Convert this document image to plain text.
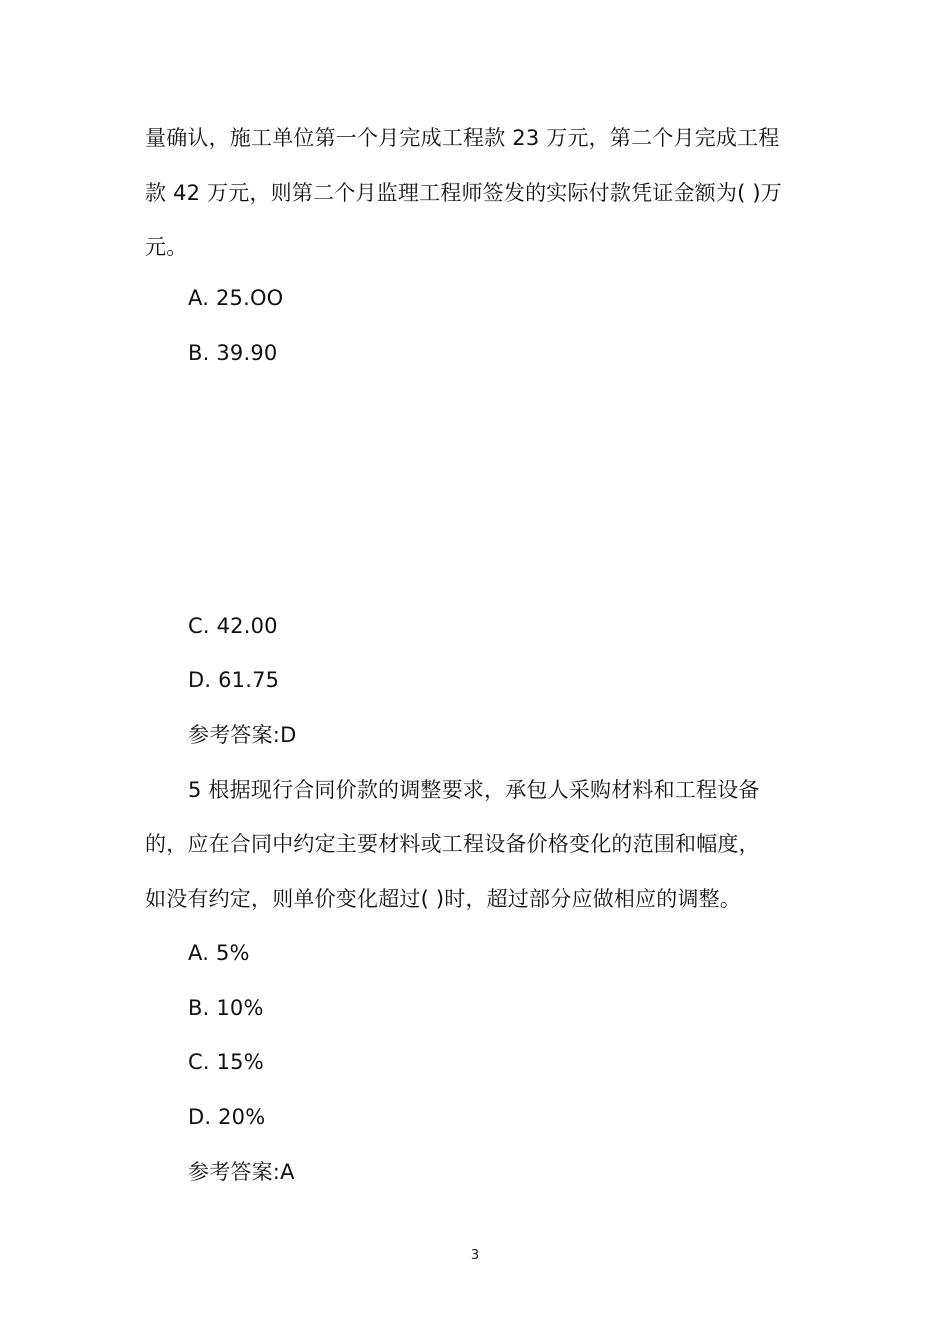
量确认，施工单位第一个月完成工程款 23 万元，第二个月完成工程
款 42 万元，则第二个月监理工程师签发的实际付款凭证金额为( )万
元。
A. 25.OO
B. 39.90
C. 42.00
D. 61.75
参考答案:D
5 根据现行合同价款的调整要求，承包人采购材料和工程设备
的，应在合同中约定主要材料或工程设备价格变化的范围和幅度，
如没有约定，则单价变化超过( )时，超过部分应做相应的调整。
A. 5%
B. 10%
C. 15%
D. 20%
参考答案:A
3
